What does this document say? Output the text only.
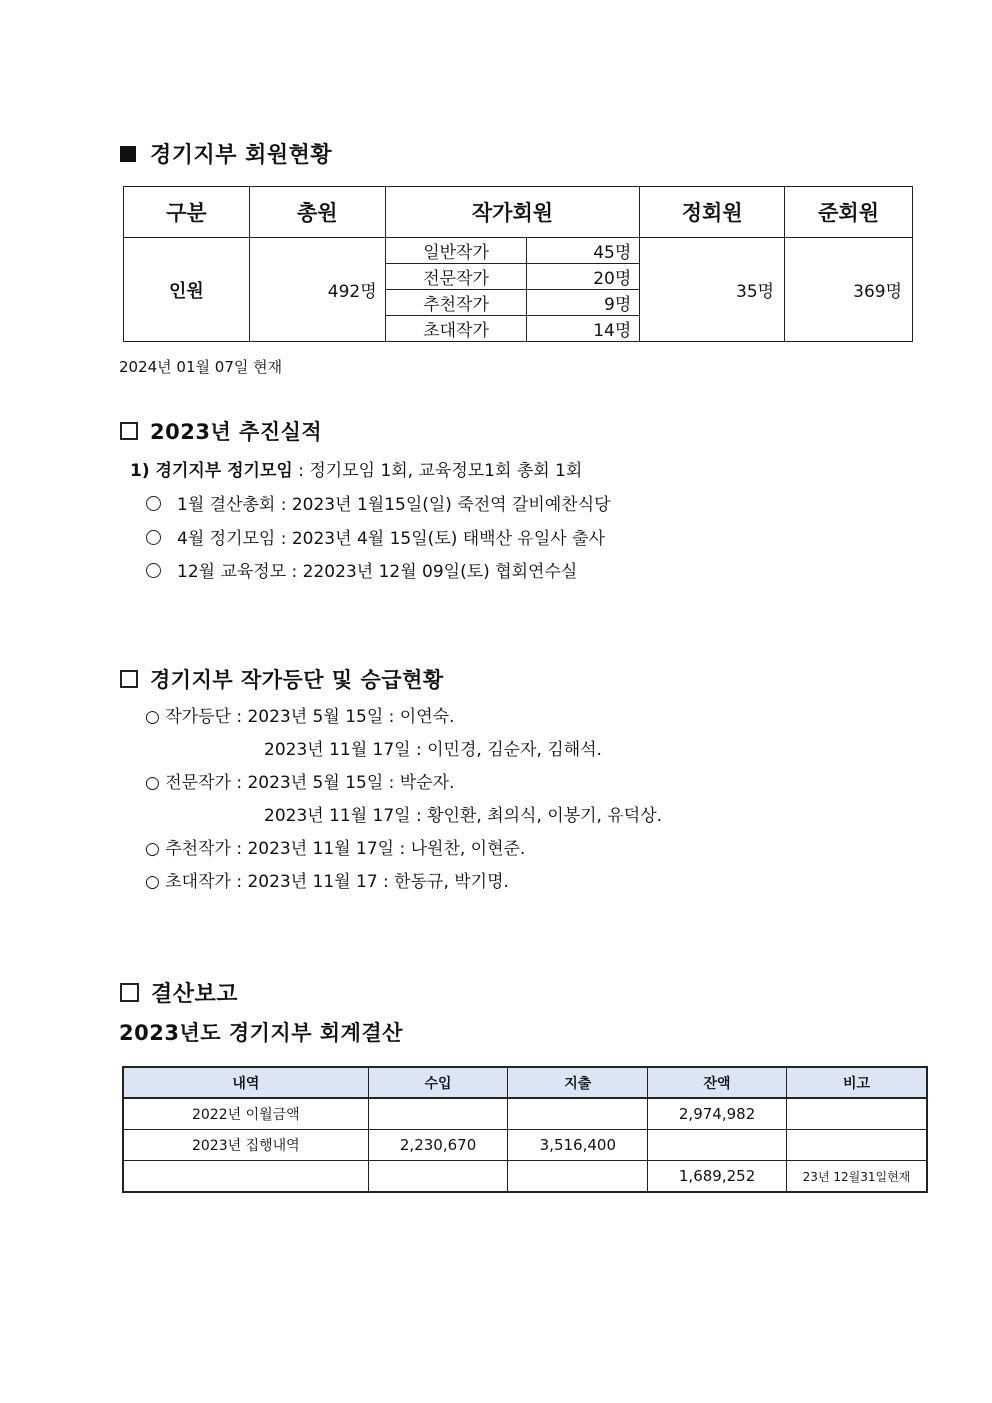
경기지부 회원현황
구분	총원	작가회원		정회원	준회원
인원	492명	일반작가	45명	35명	369명
		전문작가	20명		
		추천작가	9명		
		초대작가	14명		
2024년 01월 07일 현재
2023년 추진실적
1) 경기지부 정기모임 : 정기모임 1회, 교육정모1회 총회 1회
1월 결산총회 : 2023년 1월15일(일) 죽전역 갈비예찬식당
4월 정기모임 : 2023년 4월 15일(토) 태백산 유일사 출사
12월 교육정모 : 22023년 12월 09일(토) 협회연수실
경기지부 작가등단 및 승급현황
○ 작가등단 : 2023년 5월 15일 : 이연숙.
2023년 11월 17일 : 이민경, 김순자, 김해석.
○ 전문작가 : 2023년 5월 15일 : 박순자.
2023년 11월 17일 : 황인환, 최의식, 이봉기, 유덕상.
○ 추천작가 : 2023년 11월 17일 : 나원찬, 이현준.
○ 초대작가 : 2023년 11월 17 : 한동규, 박기명.
결산보고
2023년도 경기지부 회계결산
내역	수입	지출	잔액	비고
2022년 이월금액			2,974,982	
2023년 집행내역	2,230,670	3,516,400		
			1,689,252	23년 12월31일현재
